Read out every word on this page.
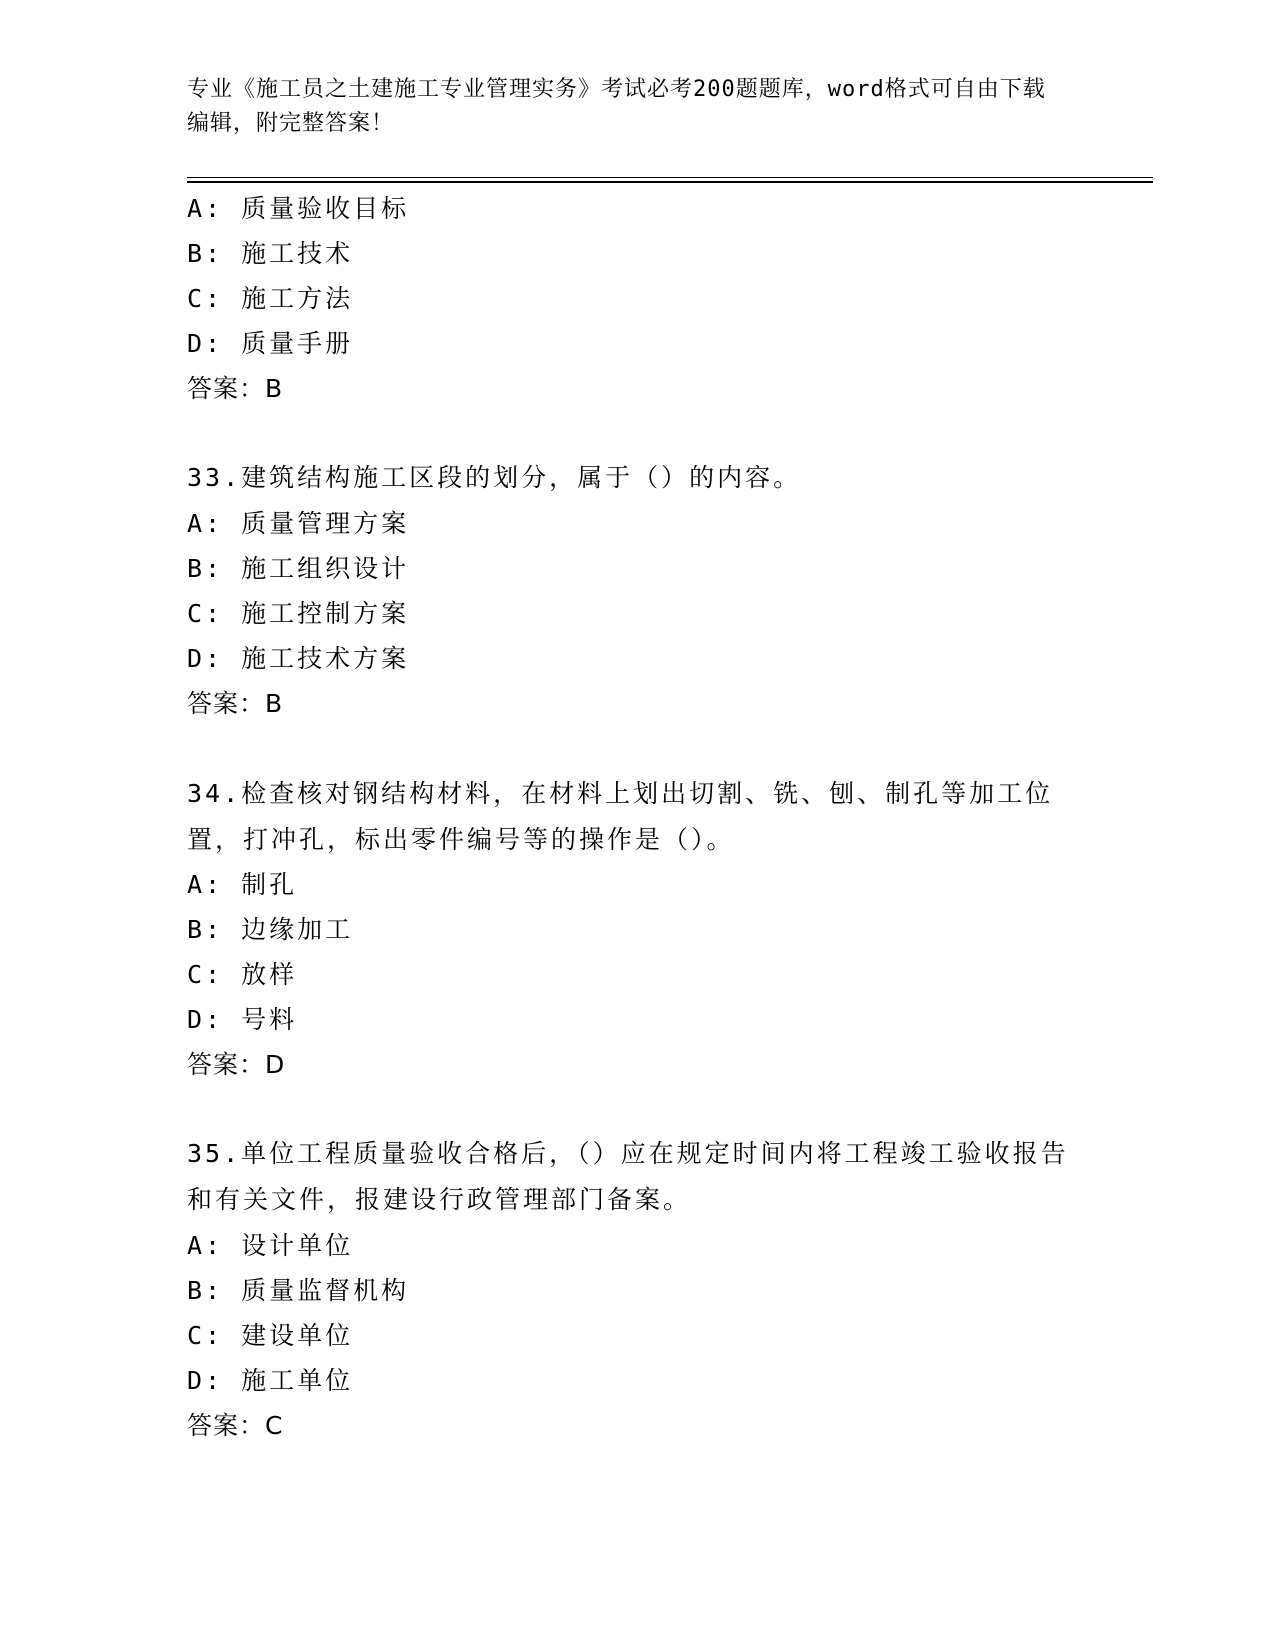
专业《施工员之土建施工专业管理实务》考试必考200题题库，word格式可自由下载编辑，附完整答案！
A: 质量验收目标
B: 施工技术
C: 施工方法
D: 质量手册
答案：B
33.建筑结构施工区段的划分，属于（）的内容。
A: 质量管理方案
B: 施工组织设计
C: 施工控制方案
D: 施工技术方案
答案：B
34.检查核对钢结构材料，在材料上划出切割、铣、刨、制孔等加工位置，打冲孔，标出零件编号等的操作是（）。
A: 制孔
B: 边缘加工
C: 放样
D: 号料
答案：D
35.单位工程质量验收合格后，（）应在规定时间内将工程竣工验收报告和有关文件，报建设行政管理部门备案。
A: 设计单位
B: 质量监督机构
C: 建设单位
D: 施工单位
答案：C
